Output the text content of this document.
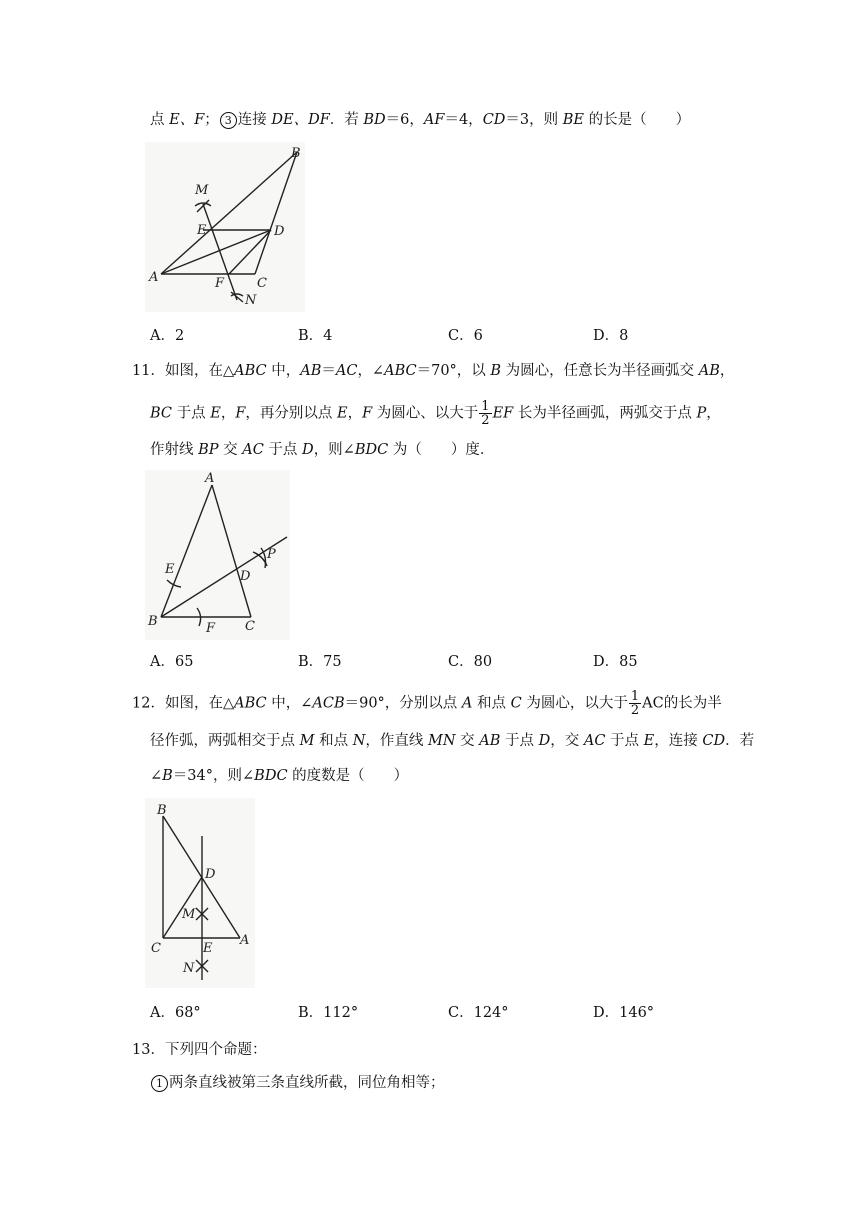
点 E、F； 3 连接 DE、DF．若 BD＝6，AF＝4，CD＝3，则 BE 的长是（　　）
B
M
E	D
A	F	C
N
A．2	B．4	C．6	D．8
11．如图，在△ABC 中，AB＝AC，∠ABC＝70°，以 B 为圆心，任意长为半径画弧交 AB，
BC 于点 E，F，再分别以点 E，F 为圆心、以大于 $\frac{1}{2}$ EF 长为半径画弧，两弧交于点 P，
作射线 BP 交 AC 于点 D，则∠BDC 为（　　）度．
A
E	D
P
B	F C
A．65	B．75	C．80	D．85
12．如图，在△ABC 中，∠ACB＝90°，分别以点 A 和点 C 为圆心，以大于 $\frac{1}{2}$ AC的长为半
径作弧，两弧相交于点 M 和点 N，作直线 MN 交 AB 于点 D，交 AC 于点 E，连接 CD．若
∠B＝34°，则∠BDC 的度数是（　　）
B
D
M
C	E
A
N
A．68°	B．112°	C．124°	D．146°
13．下列四个命题：
1 两条直线被第三条直线所截，同位角相等；
